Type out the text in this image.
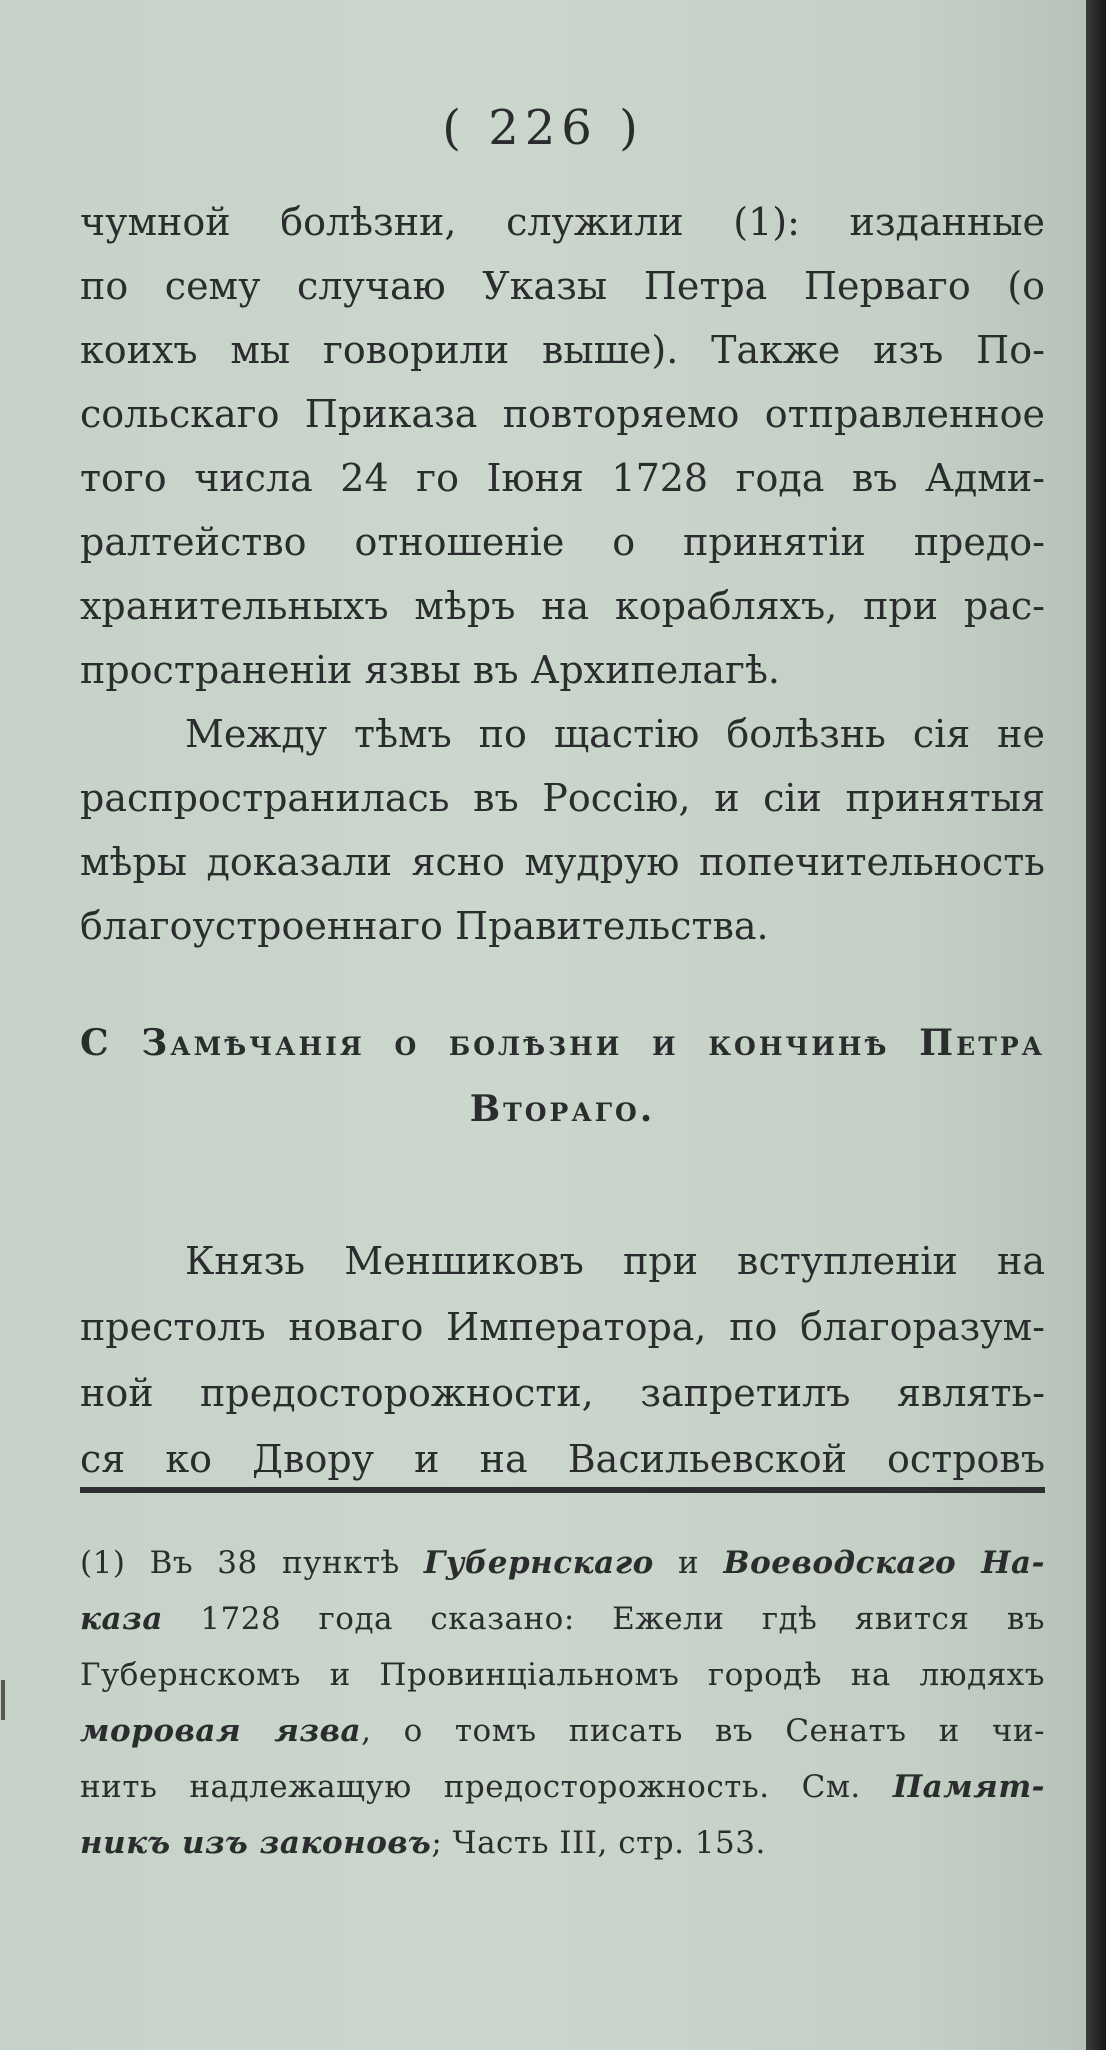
( 226 )

чумной болѣзни, служили (1): изданные
по сему случаю Указы Петра Перваго (о
коихъ мы говорили выше). Также изъ По-
сольскаго Приказа повторяемо отправленное
того числа 24 го Іюня 1728 года въ Адми-
ралтейство отношеніе о принятіи предо-
хранительныхъ мѣръ на корабляхъ, при рас-
пространеніи язвы въ Архипелагѣ.

Между тѣмъ по щастію болѣзнь сія не
распространилась въ Россію, и сіи принятыя
мѣры доказали ясно мудрую попечительность
благоустроеннаго Правительства.

С Замѣчанія о болѣзни и кончинѣ Петра
Втораго.

Князь Меншиковъ при вступленіи на
престолъ новаго Императора, по благоразум-
ной предосторожности, запретилъ являть-
ся ко Двору и на Васильевской островъ

(1) Въ 38 пунктѣ Губернскаго и Воеводскаго На-
каза 1728 года сказано: Ежели гдѣ явится въ
Губернскомъ и Провинціальномъ городѣ на людяхъ
моровая язва, о томъ писать въ Сенатъ и чи-
нить надлежащую предосторожность. См. Памят-
никъ изъ законовъ; Часть III, стр. 153.
